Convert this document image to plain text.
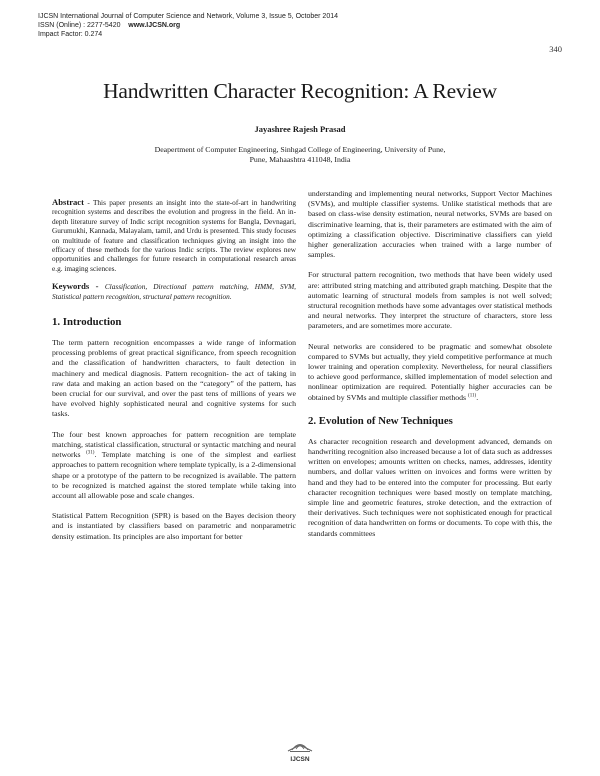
IJCSN International Journal of Computer Science and Network, Volume 3, Issue 5, October 2014
ISSN (Online) : 2277-5420 www.IJCSN.org
Impact Factor: 0.274
340
Handwritten Character Recognition: A Review
Jayashree Rajesh Prasad
Deapertment of Computer Engineering, Sinhgad College of Engineering, University of Pune,
Pune, Mahaashtra 411048, India
Abstract - This paper presents an insight into the state-of-art in handwriting recognition systems and describes the evolution and progress in the field. An in-depth literature survey of Indic script recognition systems for Bangla, Devnagari, Gurumukhi, Kannada, Malayalam, tamil, and Urdu is presented. This study focuses on multitude of feature and classification techniques giving an insight into the efficacy of these methods for the various Indic scripts. The review explores new opportunities and challenges for future research in computational research areas e.g. imaging sciences.
Keywords - Classification, Directional pattern matching, HMM, SVM, Statistical pattern recognition, structural pattern recognition.
1. Introduction

The term pattern recognition encompasses a wide range of information processing problems of great practical significance, from speech recognition and the classification of handwritten characters, to fault detection in machinery and medical diagnosis. Pattern recognition- the act of taking in raw data and making an action based on the “category” of the pattern, has been crucial for our survival, and over the past tens of millions of years we have evolved highly sophisticated neural and cognitive systems for such tasks.

The four best known approaches for pattern recognition are template matching, statistical classification, structural or syntactic matching and neural networks $^{(31)}$. Template matching is one of the simplest and earliest approaches to pattern recognition where template typically, is a 2-dimensional shape or a prototype of the pattern to be recognized is available. The pattern to be recognized is matched against the stored template while taking into account all allowable pose and scale changes.

Statistical Pattern Recognition (SPR) is based on the Bayes decision theory and is instantiated by classifiers based on parametric and nonparametric density estimation. Its principles are also important for better

understanding and implementing neural networks, Support Vector Machines (SVMs), and multiple classifier systems. Unlike statistical methods that are based on class-wise density estimation, neural networks, SVMs are based on discriminative learning, that is, their parameters are estimated with the aim of optimizing a classification objective. Discriminative classifiers can yield higher generalization accuracies when trained with a large number of samples.

For structural pattern recognition, two methods that have been widely used are: attributed string matching and attributed graph matching. Despite that the automatic learning of structural models from samples is not well solved; structural recognition methods have some advantages over statistical methods and neural networks. They interpret the structure of characters, store less parameters, and are sometimes more accurate.

Neural networks are considered to be pragmatic and somewhat obsolete compared to SVMs but actually, they yield competitive performance at much lower training and operation complexity. Nevertheless, for neural classifiers to achieve good performance, skilled implementation of model selection and nonlinear optimization are required. Potentially higher accuracies can be obtained by SVMs and multiple classifier methods $^{(11)}$.

2. Evolution of New Techniques

As character recognition research and development advanced, demands on handwriting recognition also increased because a lot of data such as addresses written on envelopes; amounts written on checks, names, addresses, identity numbers, and dollar values written on invoices and forms were written by hand and they had to be entered into the computer for processing. But early character recognition techniques were based mostly on template matching, simple line and geometric features, stroke detection, and the extraction of their derivatives. Such techniques were not sophisticated enough for practical recognition of data handwritten on forms or documents. To cope with this, the standards committees

IJCSN
